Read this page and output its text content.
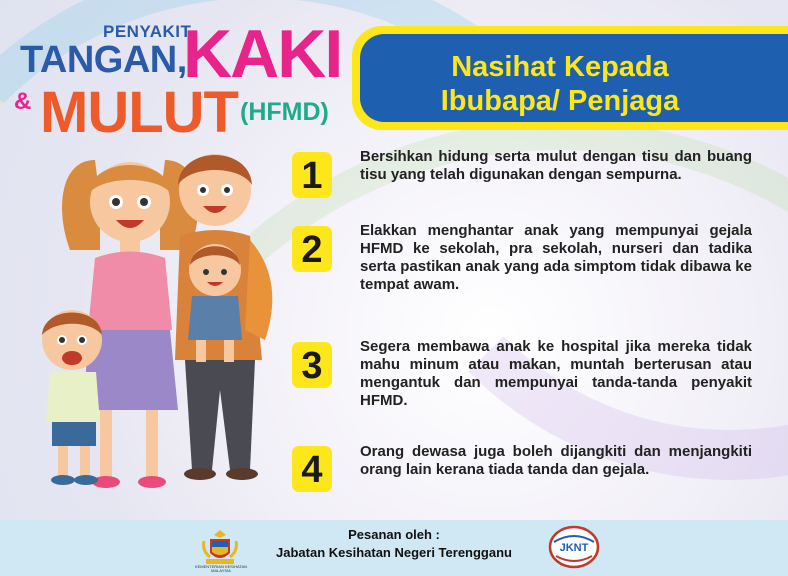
PENYAKIT
TANGAN,
KAKI
& MULUT (HFMD)
Nasihat Kepada
Ibubapa/ Penjaga
1	Bersihkan hidung serta mulut dengan tisu dan buang tisu yang telah digunakan dengan sempurna.
2	Elakkan menghantar anak yang mempunyai gejala HFMD ke sekolah, pra sekolah, nurseri dan tadika serta pastikan anak yang ada simptom tidak dibawa ke tempat awam.
3	Segera membawa anak ke hospital jika mereka tidak mahu minum atau makan, muntah berterusan atau mengantuk dan mempunyai tanda-tanda penyakit HFMD.
4	Orang dewasa juga boleh dijangkiti dan menjangkiti orang lain kerana tiada tanda dan gejala.
KEMENTERIAN KESIHATAN MALAYSIA
Pesanan oleh :
Jabatan Kesihatan Negeri Terengganu	JKNT
